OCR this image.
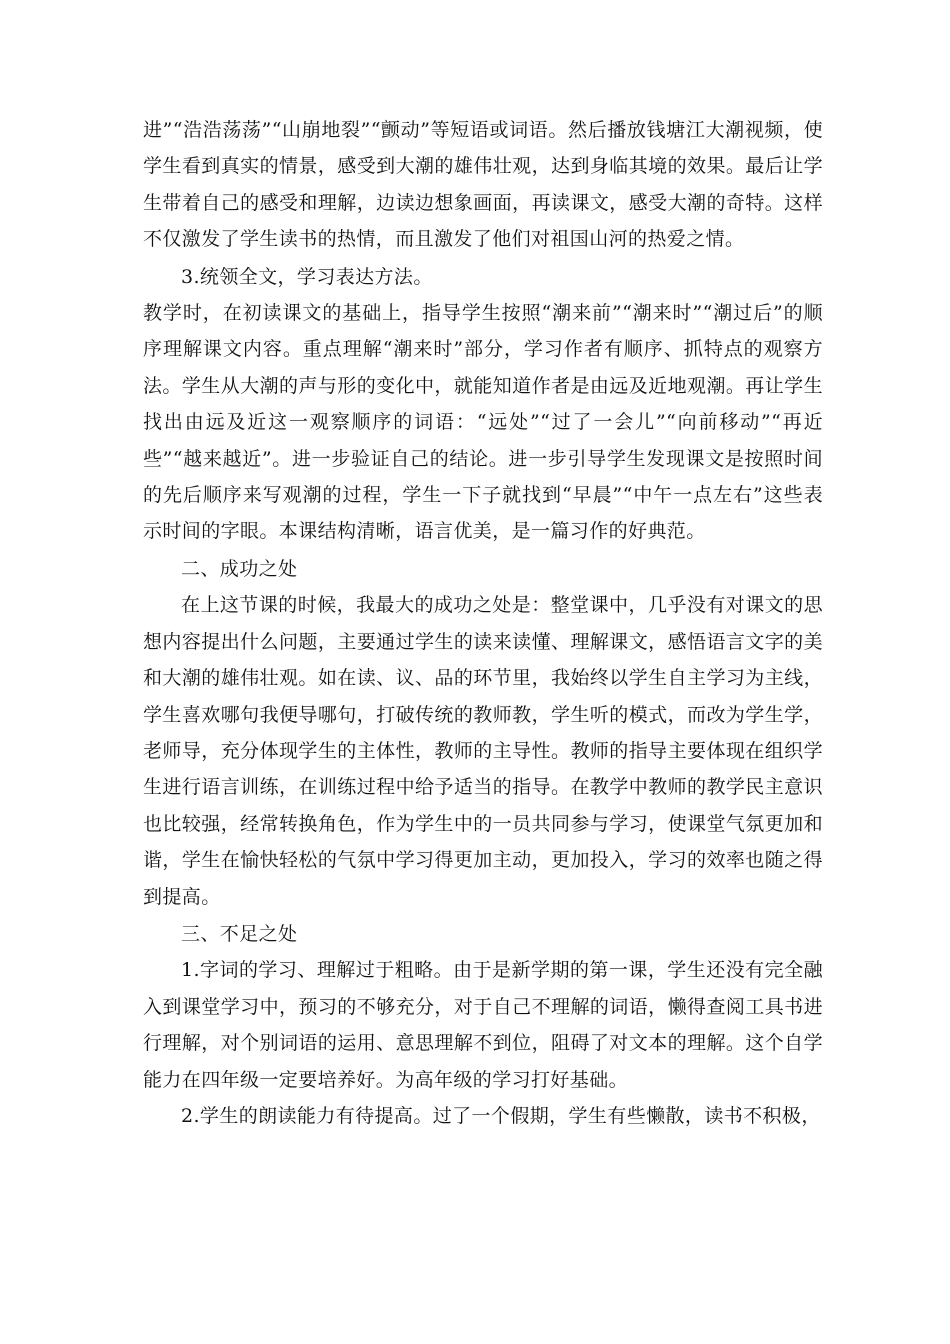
进”“浩浩荡荡”“山崩地裂”“颤动”等短语或词语。然后播放钱塘江大潮视频，使学生看到真实的情景，感受到大潮的雄伟壮观，达到身临其境的效果。最后让学生带着自己的感受和理解，边读边想象画面，再读课文，感受大潮的奇特。这样不仅激发了学生读书的热情，而且激发了他们对祖国山河的热爱之情。

3.统领全文，学习表达方法。

教学时，在初读课文的基础上，指导学生按照“潮来前”“潮来时”“潮过后”的顺序理解课文内容。重点理解“潮来时”部分，学习作者有顺序、抓特点的观察方法。学生从大潮的声与形的变化中，就能知道作者是由远及近地观潮。再让学生找出由远及近这一观察顺序的词语：“远处”“过了一会儿”“向前移动”“再近些”“越来越近”。进一步验证自己的结论。进一步引导学生发现课文是按照时间的先后顺序来写观潮的过程，学生一下子就找到“早晨”“中午一点左右”这些表示时间的字眼。本课结构清晰，语言优美，是一篇习作的好典范。

二、成功之处

在上这节课的时候，我最大的成功之处是：整堂课中，几乎没有对课文的思想内容提出什么问题，主要通过学生的读来读懂、理解课文，感悟语言文字的美和大潮的雄伟壮观。如在读、议、品的环节里，我始终以学生自主学习为主线，学生喜欢哪句我便导哪句，打破传统的教师教，学生听的模式，而改为学生学，老师导，充分体现学生的主体性，教师的主导性。教师的指导主要体现在组织学生进行语言训练，在训练过程中给予适当的指导。在教学中教师的教学民主意识也比较强，经常转换角色，作为学生中的一员共同参与学习，使课堂气氛更加和谐，学生在愉快轻松的气氛中学习得更加主动，更加投入，学习的效率也随之得到提高。

三、不足之处

1.字词的学习、理解过于粗略。由于是新学期的第一课，学生还没有完全融入到课堂学习中，预习的不够充分，对于自己不理解的词语，懒得查阅工具书进行理解，对个别词语的运用、意思理解不到位，阻碍了对文本的理解。这个自学能力在四年级一定要培养好。为高年级的学习打好基础。

2.学生的朗读能力有待提高。过了一个假期，学生有些懒散，读书不积极，
